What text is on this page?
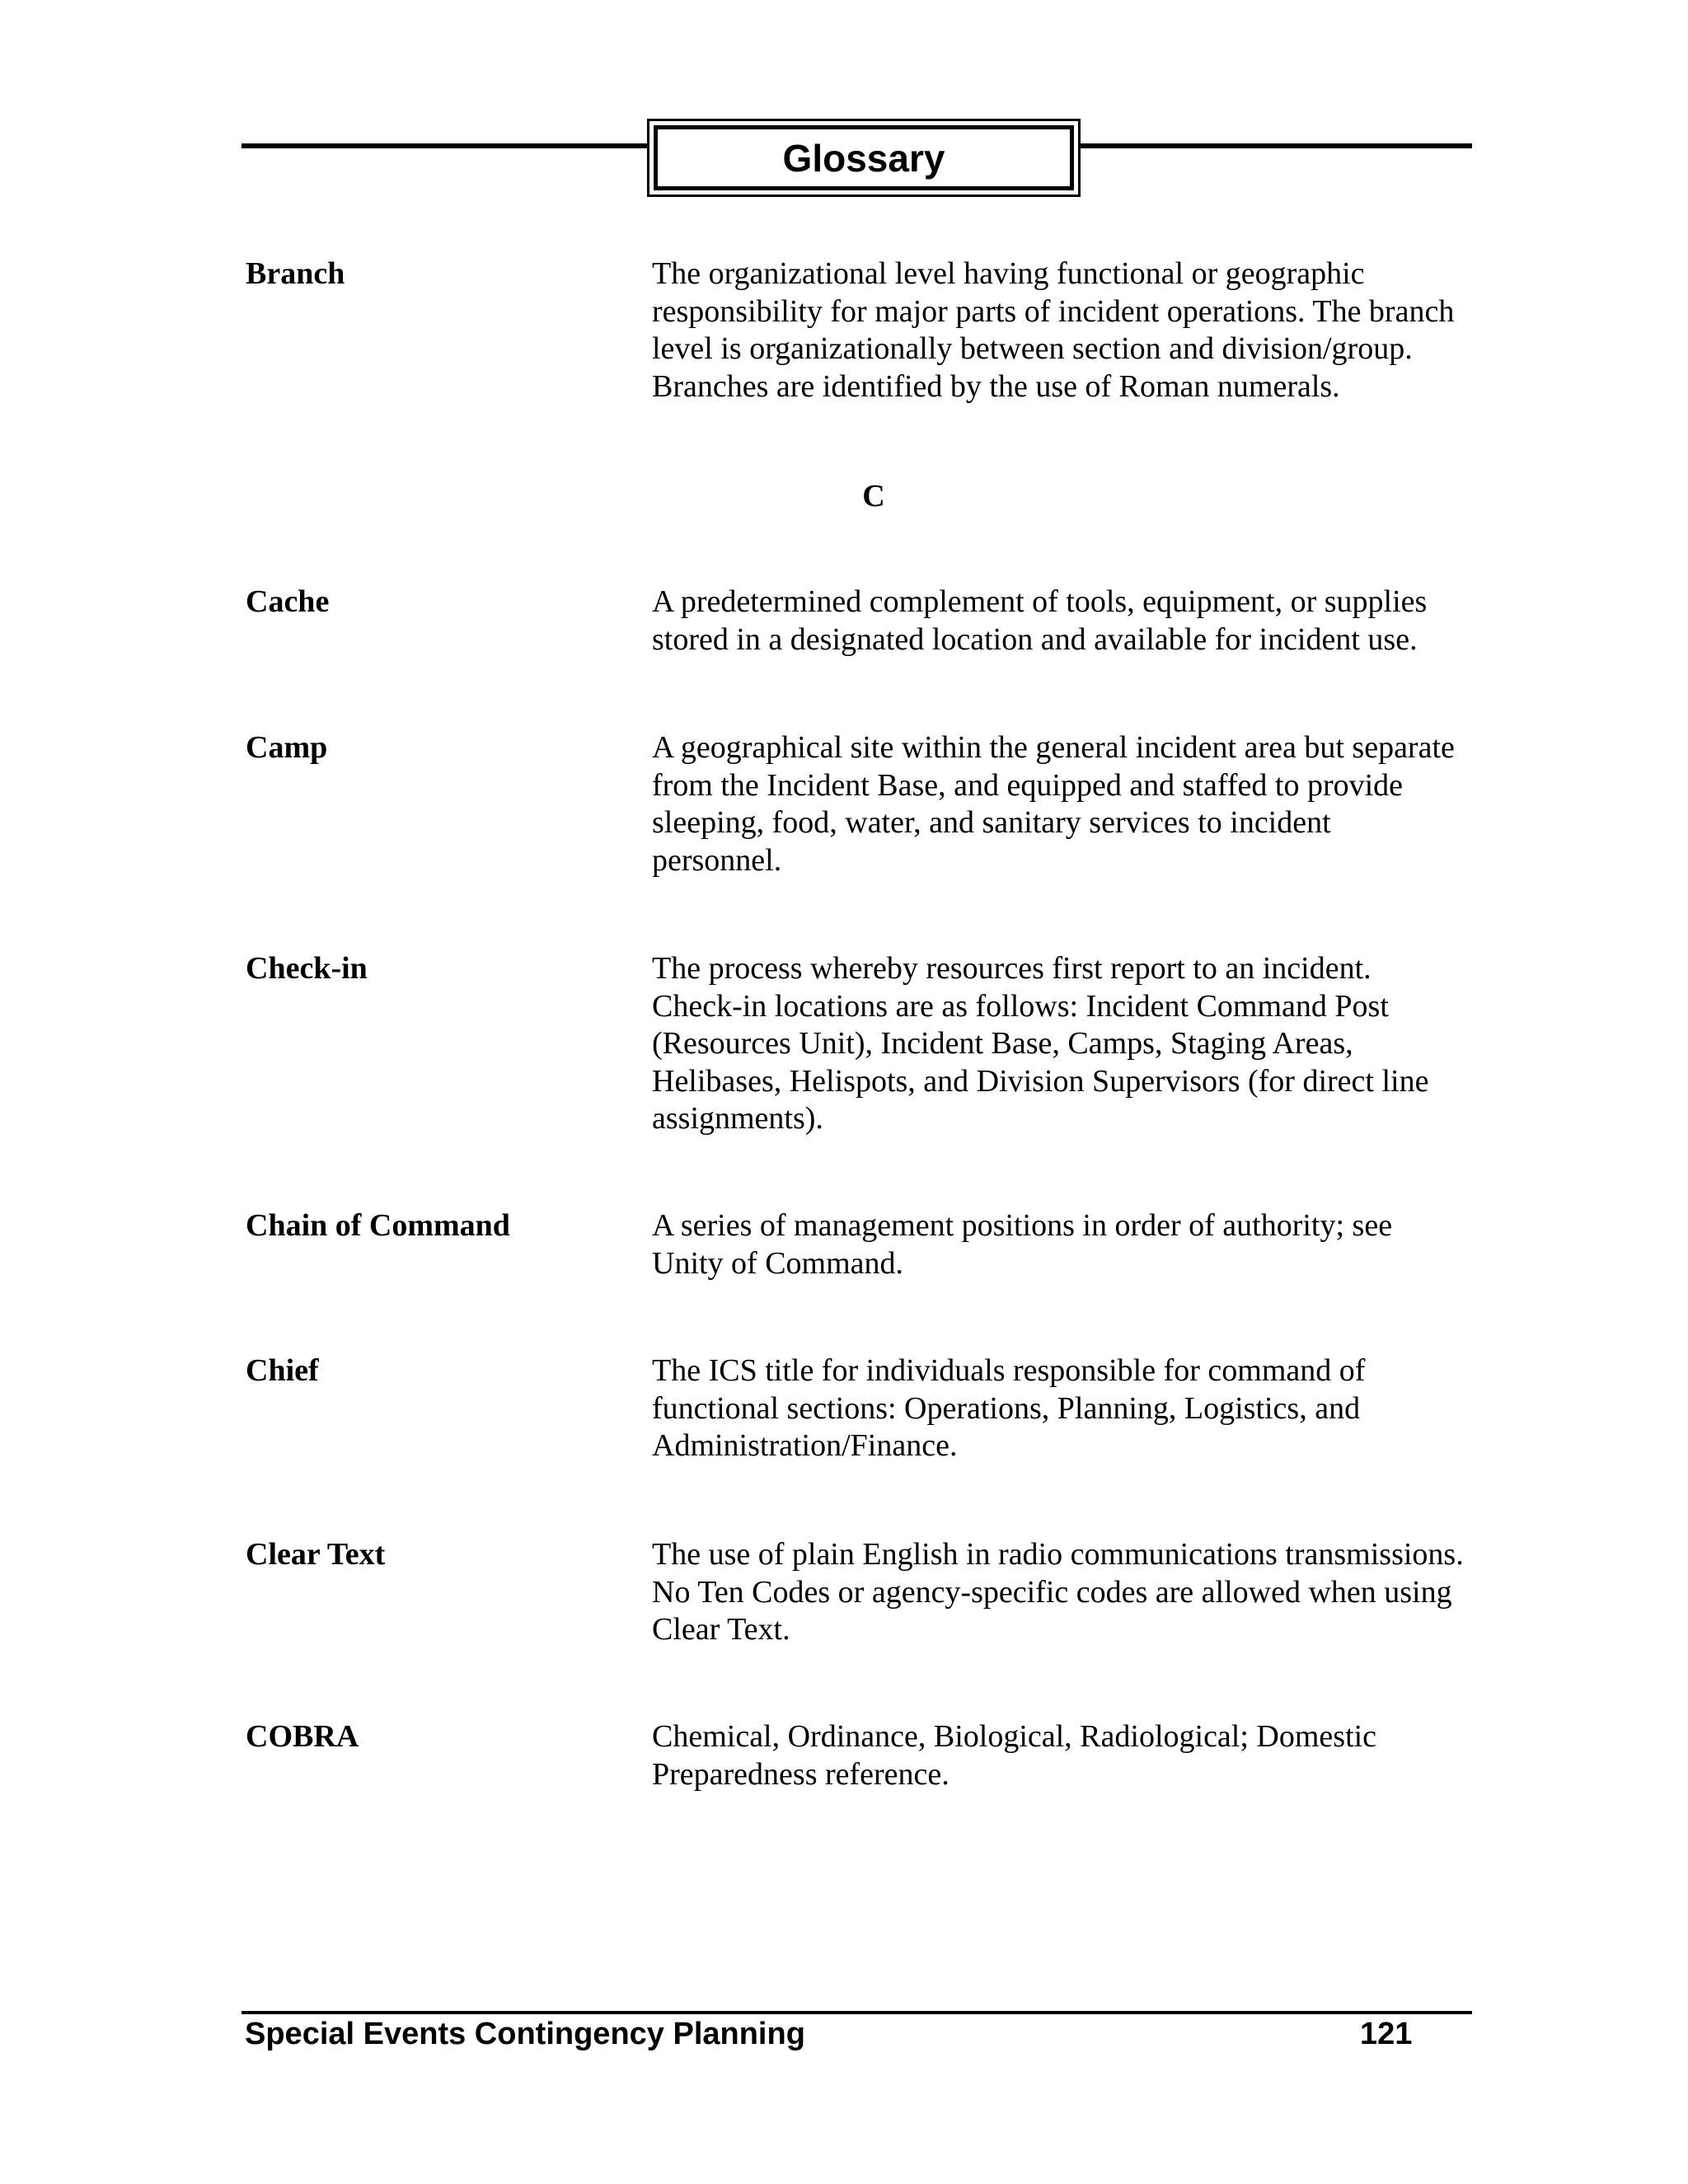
Glossary
Branch	The organizational level having functional or geographic
responsibility for major parts of incident operations. The branch
level is organizationally between section and division/group.
Branches are identified by the use of Roman numerals.
C
Cache	A predetermined complement of tools, equipment, or supplies
stored in a designated location and available for incident use.
Camp	A geographical site within the general incident area but separate
from the Incident Base, and equipped and staffed to provide
sleeping, food, water, and sanitary services to incident
personnel.
Check-in	The process whereby resources first report to an incident.
Check-in locations are as follows: Incident Command Post
(Resources Unit), Incident Base, Camps, Staging Areas,
Helibases, Helispots, and Division Supervisors (for direct line
assignments).
Chain of Command	A series of management positions in order of authority; see
Unity of Command.
Chief	The ICS title for individuals responsible for command of
functional sections: Operations, Planning, Logistics, and
Administration/Finance.
Clear Text	The use of plain English in radio communications transmissions.
No Ten Codes or agency-specific codes are allowed when using
Clear Text.
COBRA	Chemical, Ordinance, Biological, Radiological; Domestic
Preparedness reference.
Special Events Contingency Planning	121
